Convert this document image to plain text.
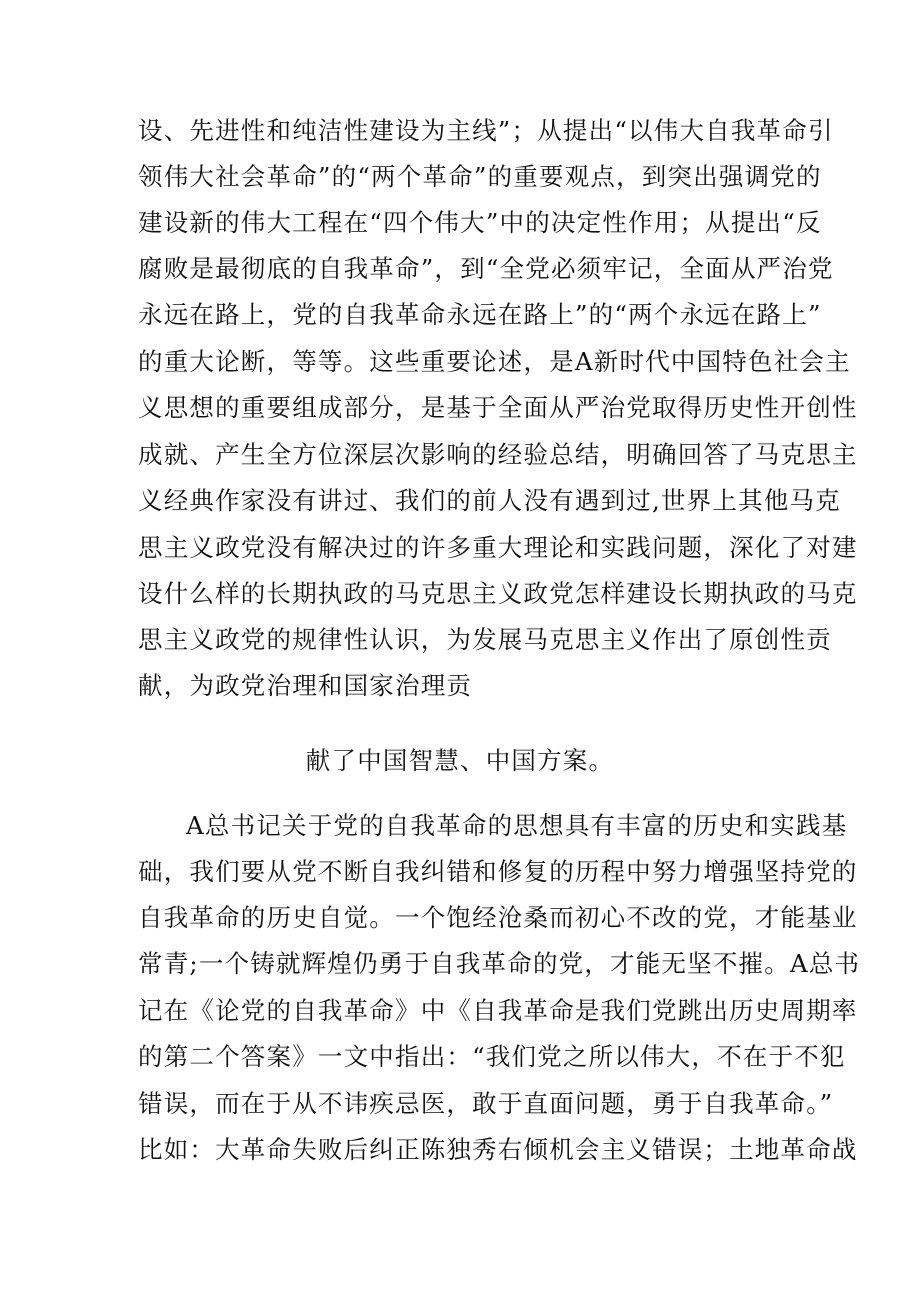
设、先进性和纯洁性建设为主线”；从提出“以伟大自我革命引
领伟大社会革命”的“两个革命”的重要观点，到突出强调党的
建设新的伟大工程在“四个伟大”中的决定性作用；从提出“反
腐败是最彻底的自我革命”，到“全党必须牢记，全面从严治党
永远在路上，党的自我革命永远在路上”的“两个永远在路上”
的重大论断，等等。这些重要论述，是A新时代中国特色社会主
义思想的重要组成部分，是基于全面从严治党取得历史性开创性
成就、产生全方位深层次影响的经验总结，明确回答了马克思主
义经典作家没有讲过、我们的前人没有遇到过,世界上其他马克
思主义政党没有解决过的许多重大理论和实践问题，深化了对建
设什么样的长期执政的马克思主义政党怎样建设长期执政的马克
思主义政党的规律性认识，为发展马克思主义作出了原创性贡
献，为政党治理和国家治理贡
献了中国智慧、中国方案。
A总书记关于党的自我革命的思想具有丰富的历史和实践基
础，我们要从党不断自我纠错和修复的历程中努力增强坚持党的
自我革命的历史自觉。一个饱经沧桑而初心不改的党，才能基业
常青;一个铸就辉煌仍勇于自我革命的党，才能无坚不摧。A总书
记在《论党的自我革命》中《自我革命是我们党跳出历史周期率
的第二个答案》一文中指出：“我们党之所以伟大，不在于不犯
错误，而在于从不讳疾忌医，敢于直面问题，勇于自我革命。”
比如：大革命失败后纠正陈独秀右倾机会主义错误；土地革命战
